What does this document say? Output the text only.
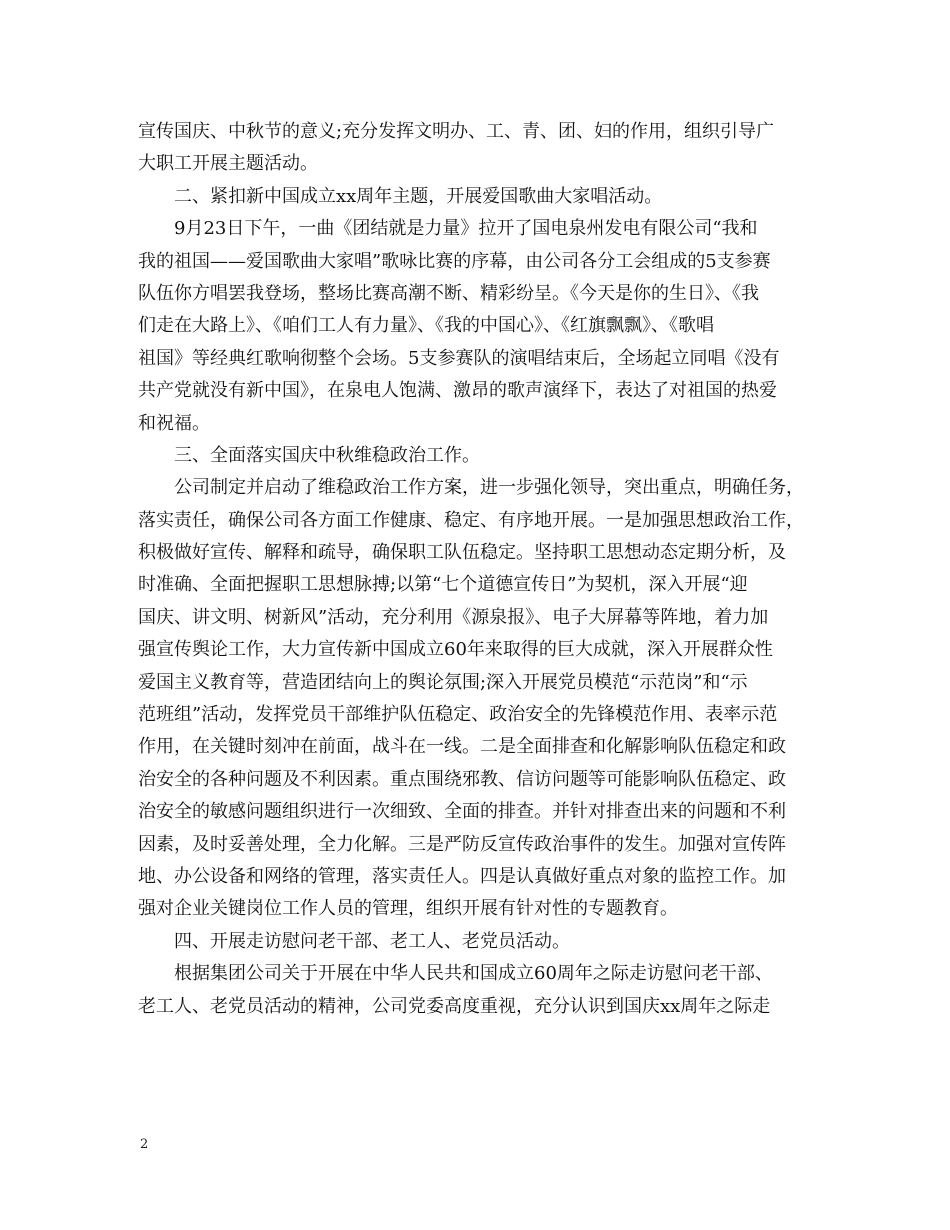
宣传国庆、中秋节的意义;充分发挥文明办、工、青、团、妇的作用，组织引导广
大职工开展主题活动。
二、紧扣新中国成立xx周年主题，开展爱国歌曲大家唱活动。
9月23日下午，一曲《团结就是力量》拉开了国电泉州发电有限公司“我和
我的祖国——爱国歌曲大家唱”歌咏比赛的序幕，由公司各分工会组成的5支参赛
队伍你方唱罢我登场，整场比赛高潮不断、精彩纷呈。《今天是你的生日》、《我
们走在大路上》、《咱们工人有力量》、《我的中国心》、《红旗飘飘》、《歌唱
祖国》等经典红歌响彻整个会场。5支参赛队的演唱结束后，全场起立同唱《没有
共产党就没有新中国》，在泉电人饱满、激昂的歌声演绎下，表达了对祖国的热爱
和祝福。
三、全面落实国庆中秋维稳政治工作。
公司制定并启动了维稳政治工作方案，进一步强化领导，突出重点，明确任务，
落实责任，确保公司各方面工作健康、稳定、有序地开展。一是加强思想政治工作，
积极做好宣传、解释和疏导，确保职工队伍稳定。坚持职工思想动态定期分析，及
时准确、全面把握职工思想脉搏;以第“七个道德宣传日”为契机，深入开展“迎
国庆、讲文明、树新风”活动，充分利用《源泉报》、电子大屏幕等阵地，着力加
强宣传舆论工作，大力宣传新中国成立60年来取得的巨大成就，深入开展群众性
爱国主义教育等，营造团结向上的舆论氛围;深入开展党员模范“示范岗”和“示
范班组”活动，发挥党员干部维护队伍稳定、政治安全的先锋模范作用、表率示范
作用，在关键时刻冲在前面，战斗在一线。二是全面排查和化解影响队伍稳定和政
治安全的各种问题及不利因素。重点围绕邪教、信访问题等可能影响队伍稳定、政
治安全的敏感问题组织进行一次细致、全面的排查。并针对排查出来的问题和不利
因素，及时妥善处理，全力化解。三是严防反宣传政治事件的发生。加强对宣传阵
地、办公设备和网络的管理，落实责任人。四是认真做好重点对象的监控工作。加
强对企业关键岗位工作人员的管理，组织开展有针对性的专题教育。
四、开展走访慰问老干部、老工人、老党员活动。
根据集团公司关于开展在中华人民共和国成立60周年之际走访慰问老干部、
老工人、老党员活动的精神，公司党委高度重视，充分认识到国庆xx周年之际走
2
